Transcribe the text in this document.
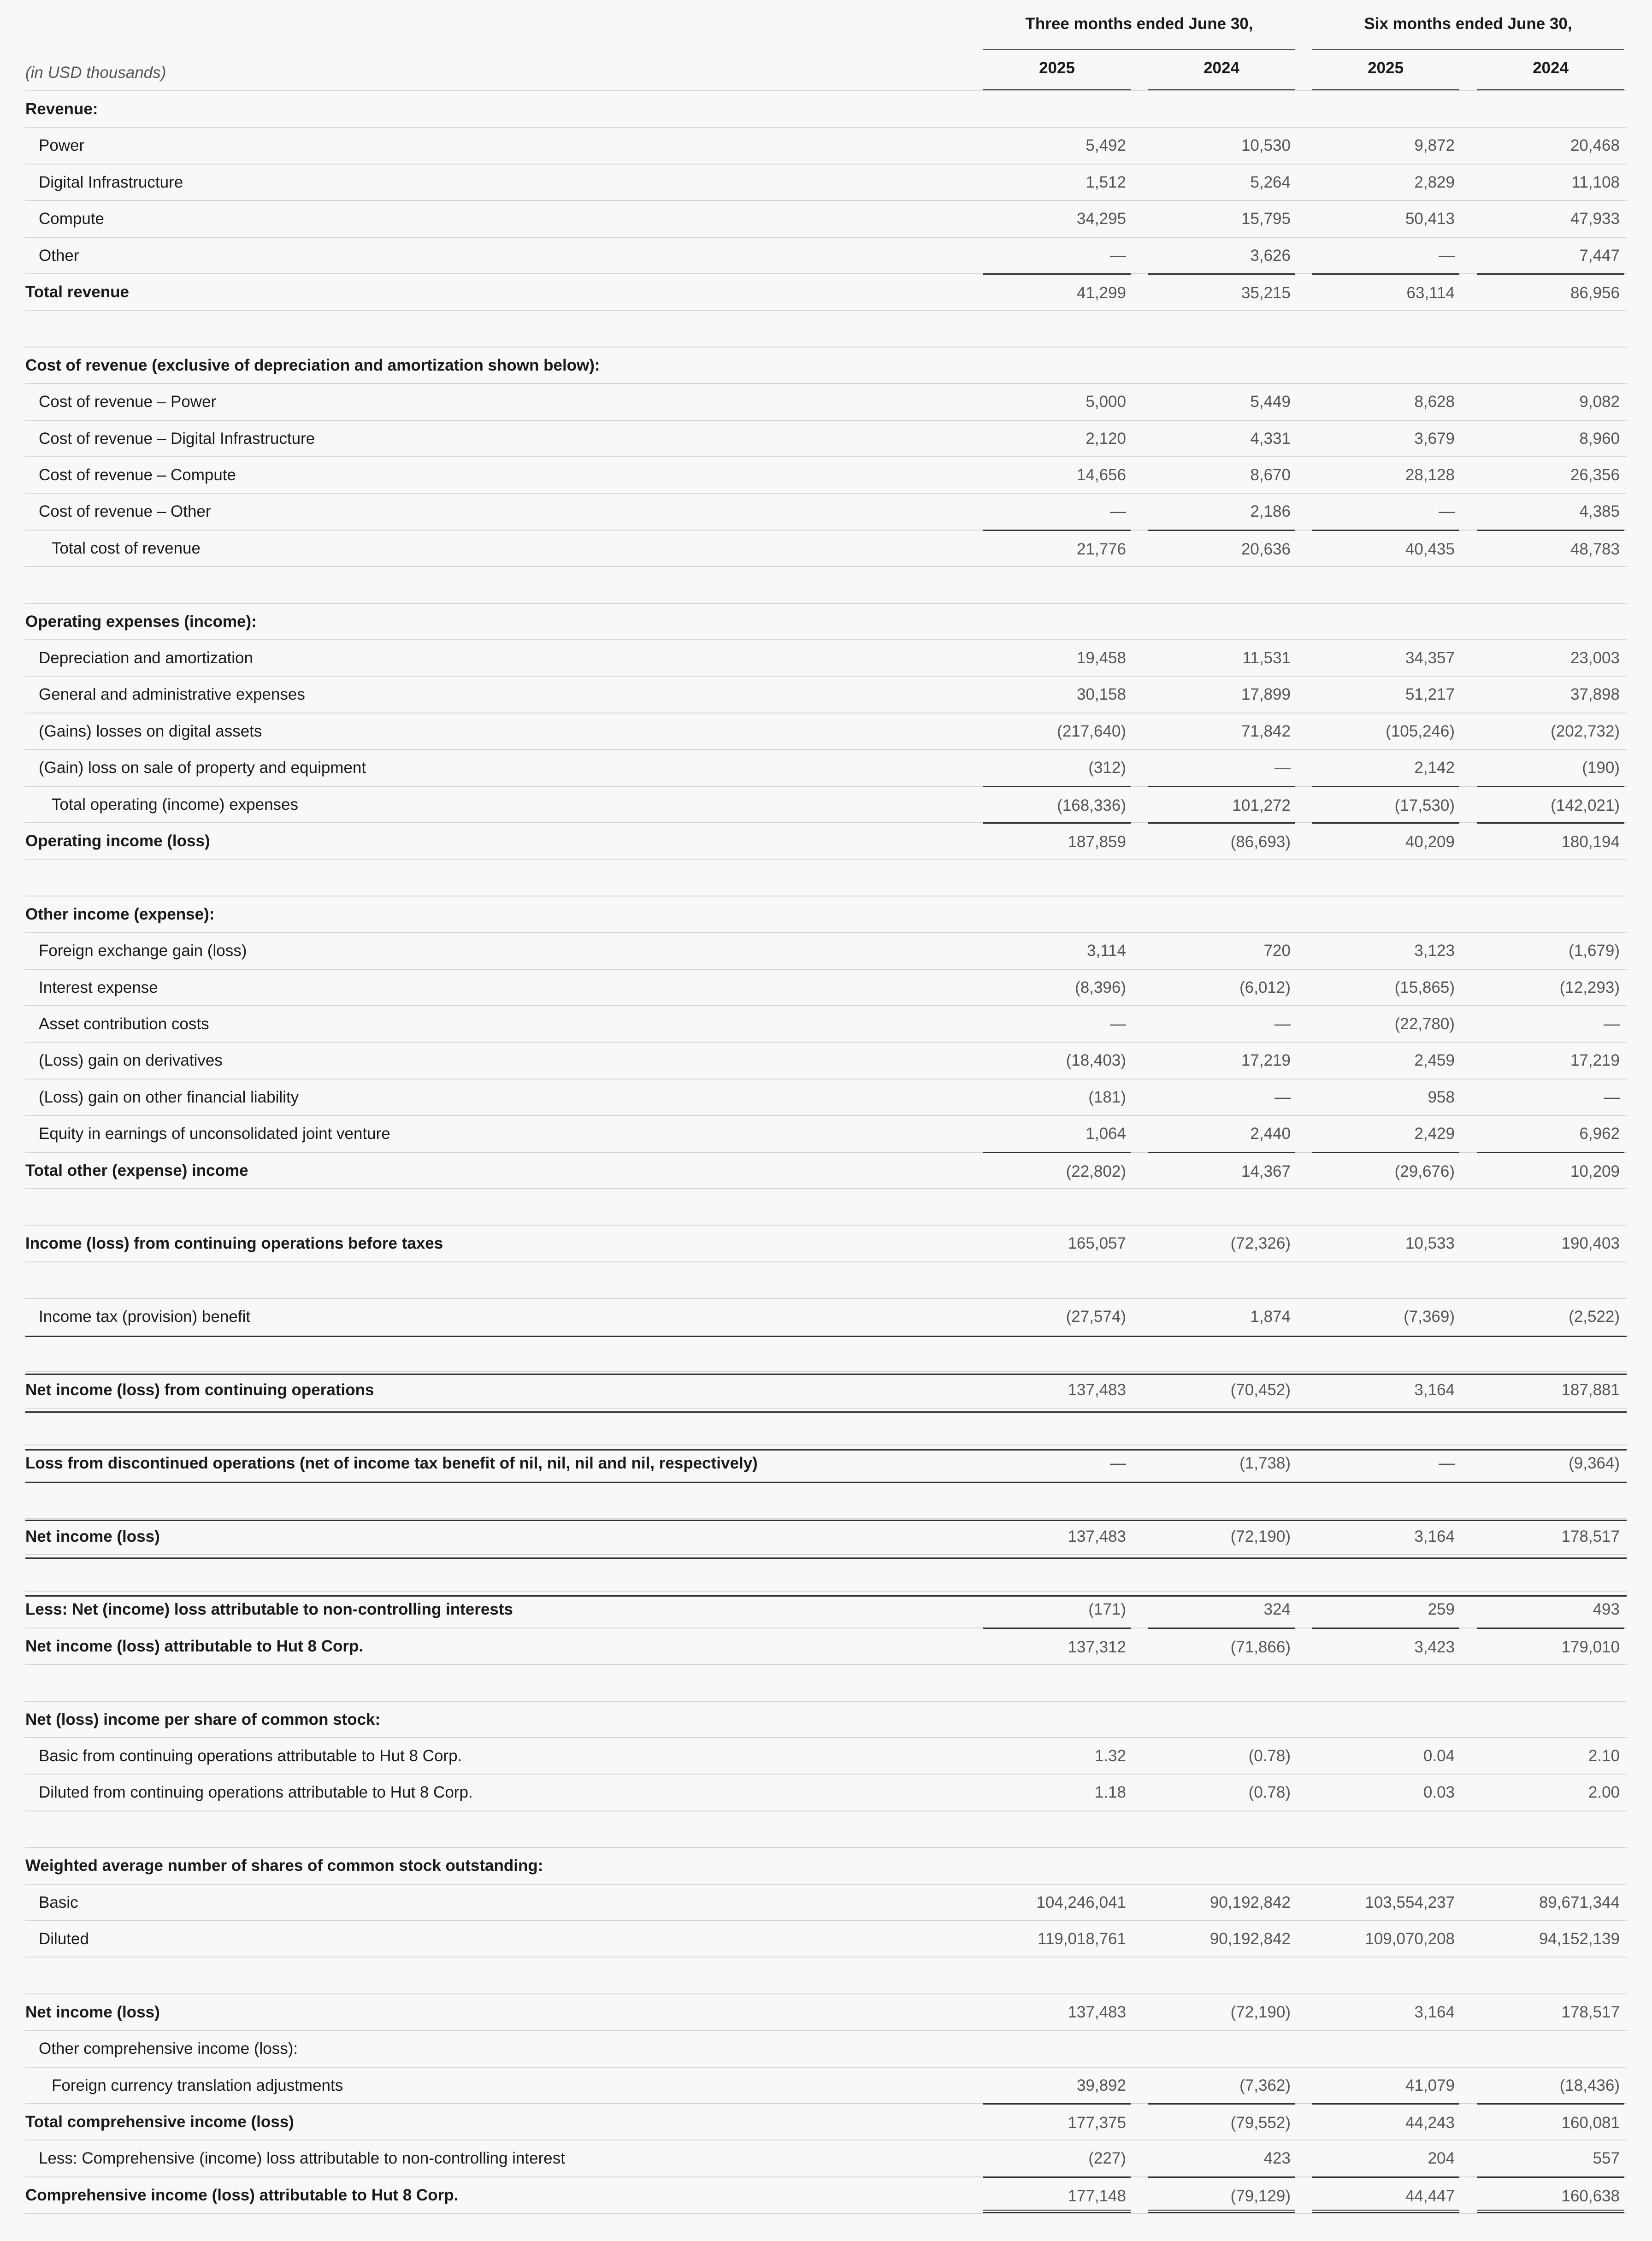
Three months ended June 30,	Six months ended June 30,
(in USD thousands)	2025	2024	2025	2024
Revenue:
Power	5,492	10,530	9,872	20,468
Digital Infrastructure	1,512	5,264	2,829	11,108
Compute	34,295	15,795	50,413	47,933
Other	—	3,626	—	7,447
Total revenue	41,299	35,215	63,114	86,956
Cost of revenue (exclusive of depreciation and amortization shown below):
Cost of revenue – Power	5,000	5,449	8,628	9,082
Cost of revenue – Digital Infrastructure	2,120	4,331	3,679	8,960
Cost of revenue – Compute	14,656	8,670	28,128	26,356
Cost of revenue – Other	—	2,186	—	4,385
Total cost of revenue	21,776	20,636	40,435	48,783
Operating expenses (income):
Depreciation and amortization	19,458	11,531	34,357	23,003
General and administrative expenses	30,158	17,899	51,217	37,898
(Gains) losses on digital assets	(217,640)	71,842	(105,246)	(202,732)
(Gain) loss on sale of property and equipment	(312)	—	2,142	(190)
Total operating (income) expenses	(168,336)	101,272	(17,530)	(142,021)
Operating income (loss)	187,859	(86,693)	40,209	180,194
Other income (expense):
Foreign exchange gain (loss)	3,114	720	3,123	(1,679)
Interest expense	(8,396)	(6,012)	(15,865)	(12,293)
Asset contribution costs	—	—	(22,780)	—
(Loss) gain on derivatives	(18,403)	17,219	2,459	17,219
(Loss) gain on other financial liability	(181)	—	958	—
Equity in earnings of unconsolidated joint venture	1,064	2,440	2,429	6,962
Total other (expense) income	(22,802)	14,367	(29,676)	10,209
Income (loss) from continuing operations before taxes	165,057	(72,326)	10,533	190,403
Income tax (provision) benefit	(27,574)	1,874	(7,369)	(2,522)
Net income (loss) from continuing operations	137,483	(70,452)	3,164	187,881
Loss from discontinued operations (net of income tax benefit of nil, nil, nil and nil, respectively)	—	(1,738)	—	(9,364)
Net income (loss)	137,483	(72,190)	3,164	178,517
Less: Net (income) loss attributable to non-controlling interests	(171)	324	259	493
Net income (loss) attributable to Hut 8 Corp.	137,312	(71,866)	3,423	179,010
Net (loss) income per share of common stock:
Basic from continuing operations attributable to Hut 8 Corp.	1.32	(0.78)	0.04	2.10
Diluted from continuing operations attributable to Hut 8 Corp.	1.18	(0.78)	0.03	2.00
Weighted average number of shares of common stock outstanding:
Basic	104,246,041	90,192,842	103,554,237	89,671,344
Diluted	119,018,761	90,192,842	109,070,208	94,152,139
Net income (loss)	137,483	(72,190)	3,164	178,517
Other comprehensive income (loss):
Foreign currency translation adjustments	39,892	(7,362)	41,079	(18,436)
Total comprehensive income (loss)	177,375	(79,552)	44,243	160,081
Less: Comprehensive (income) loss attributable to non-controlling interest	(227)	423	204	557
Comprehensive income (loss) attributable to Hut 8 Corp.	177,148	(79,129)	44,447	160,638
